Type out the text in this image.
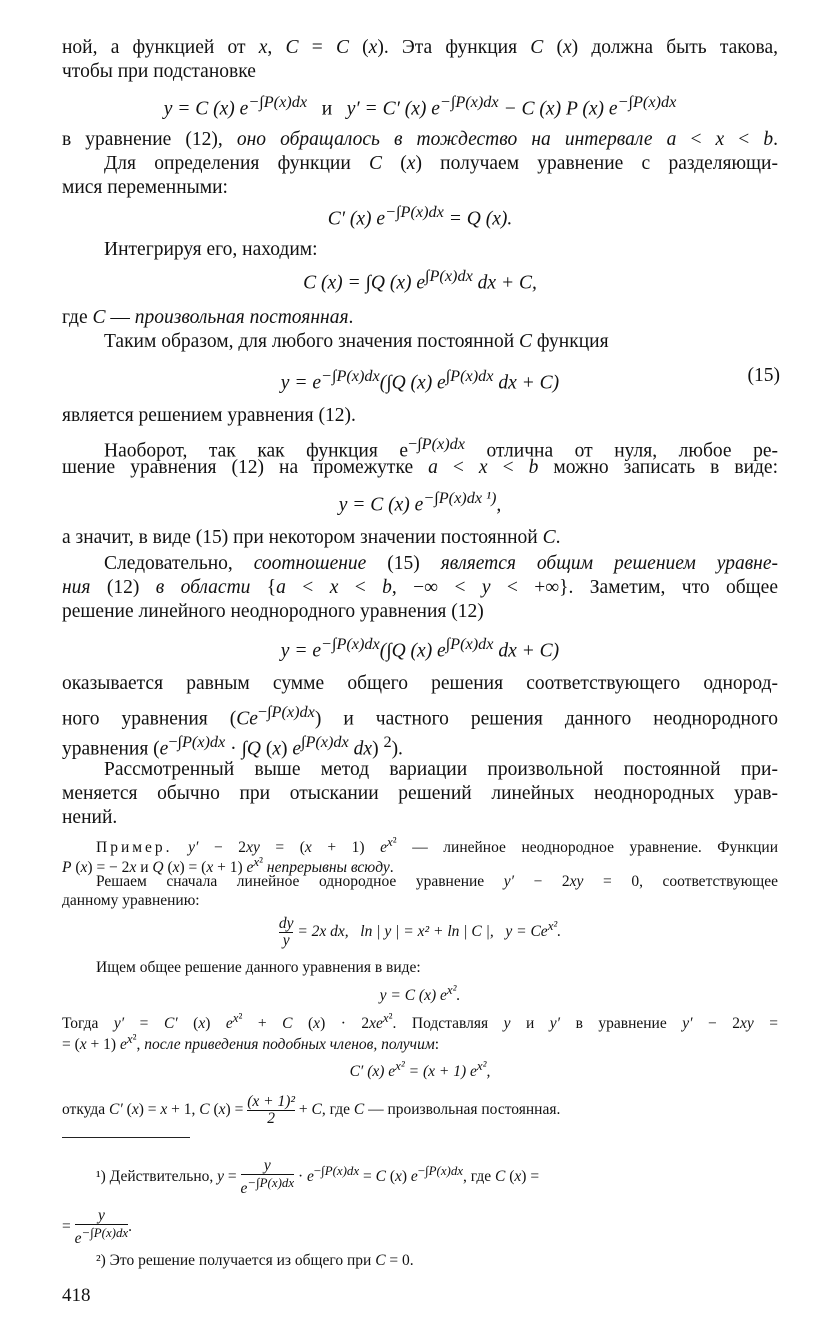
ной, а функцией от x, C = C (x). Эта функция C (x) должна быть такова,
чтобы при подстановке
y = C (x) $e^{-\int P(x)dx}$ и   y′ = C′ (x) $e^{-\int P(x)dx} - C$ (x) P (x) $e^{-\int P(x)dx}$
в уравнение (12), оно обращалось в тождество на интервале a < x < b.
Для определения функции C (x) получаем уравнение с разделяющи-
мися переменными:
C′ (x) $e^{-\int P(x)dx} = Q$ (x).
Интегрируя его, находим:
C (x) = ∫Q (x) $e^{\int P(x)dx}$ dx + C,
где C — произвольная постоянная.
Таким образом, для любого значения постоянной C функция
$y = e^{-\int P(x)dx}(\int Q$ (x) $e^{\int P(x)dx}$ dx + C)	(15)
является решением уравнения (12).
Наоборот, так как функция $e^{-\int P(x)dx}$ отлична от нуля, любое ре-
шение уравнения (12) на промежутке a < x < b можно записать в виде:
y = C (x) $e^{-\int P(x)dx ^1)}$,
а значит, в виде (15) при некотором значении постоянной C.
Следовательно, соотношение (15) является общим решением уравне-
ния (12) в области {a < x < b, −∞ < y < +∞}. Заметим, что общее
решение линейного неоднородного уравнения (12)
$y = e^{-\int P(x)dx}(\int Q$ (x) $e^{\int P(x)dx}$ dx + C)
оказывается равным сумме общего решения соответствующего однород-
ного уравнения $(Ce^{-\int P(x)dx})$ и частного решения данного неоднородного
уравнения ($e^{-\int P(x)dx} \cdot \int Q$ (x) $e^{\int P(x)dx}$ dx) $^2$).
Рассмотренный выше метод вариации произвольной постоянной при-
меняется обычно при отыскании решений линейных неоднородных урав-
нений.
Пример. y′ − 2xy = (x + 1) $e^{x^2}$ — линейное неоднородное уравнение. Функции
P (x) = − 2x и Q (x) = (x + 1) $e^{x^2}$ непрерывны всюду.
Решаем сначала линейное однородное уравнение y′ − 2xy = 0, соответствующее
данному уравнению:
$\frac{dy}{y} = 2x$ dx,   ln | y | = x² + ln | C |,   $y = Ce^{x^2}$.
Ищем общее решение данного уравнения в виде:
y = C (x) $e^{x^2}$.
Тогда y′ = C′ (x) $e^{x^2} + C$ $(x) \cdot 2xe^{x^2}$. Подставляя y и y′ в уравнение y′ − 2xy =
= (x + 1) $e^{x^2}$, после приведения подобных членов, получим:
C′ (x) $e^{x^2} = (x + 1)$ $e^{x^2}$,
откуда C′ (x) = x + 1, C $(x) = \frac{\text{(x + 1)²}}{2} + C$, где C — произвольная постоянная.
¹) Действительно, $y = \frac{y}{e^{-\int P(x)dx}} \cdot e^{-\int P(x)dx} = C$ (x) $e^{-\int P(x)dx}$, где C (x) =
= $\frac{y}{e^{-\int P(x)dx}}$ .
²) Это решение получается из общего при C = 0.
418
